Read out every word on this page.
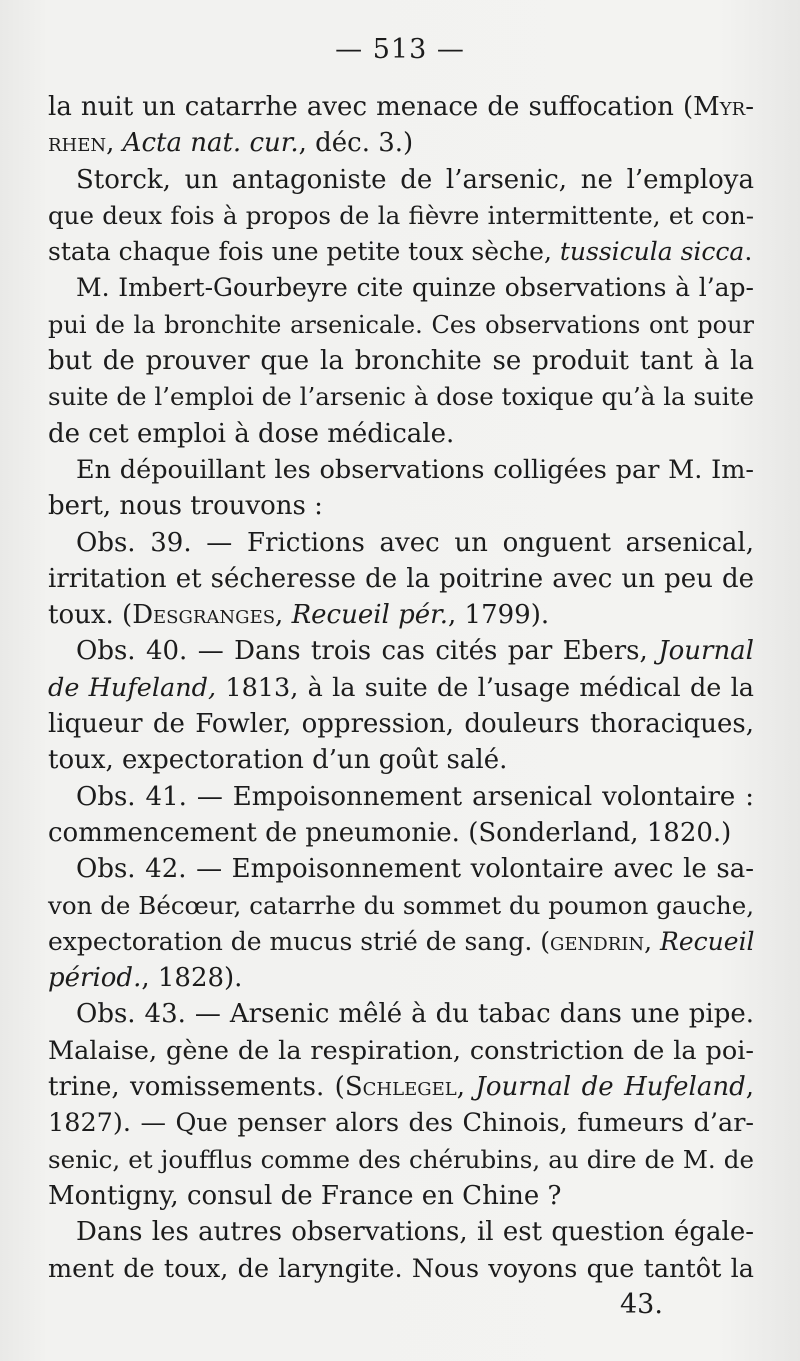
— 513 —
la nuit un catarrhe avec menace de suffocation (Myr-
rhen, Acta nat. cur., déc. 3.)
Storck, un antagoniste de l’arsenic, ne l’employa
que deux fois à propos de la fièvre intermittente, et con-
stata chaque fois une petite toux sèche, tussicula sicca.
M. Imbert-Gourbeyre cite quinze observations à l’ap-
pui de la bronchite arsenicale. Ces observations ont pour
but de prouver que la bronchite se produit tant à la
suite de l’emploi de l’arsenic à dose toxique qu’à la suite
de cet emploi à dose médicale.
En dépouillant les observations colligées par M. Im-
bert, nous trouvons :
Obs. 39. — Frictions avec un onguent arsenical,
irritation et sécheresse de la poitrine avec un peu de
toux. (Desgranges, Recueil pér., 1799).
Obs. 40. — Dans trois cas cités par Ebers, Journal
de Hufeland, 1813, à la suite de l’usage médical de la
liqueur de Fowler, oppression, douleurs thoraciques,
toux, expectoration d’un goût salé.
Obs. 41. — Empoisonnement arsenical volontaire :
commencement de pneumonie. (Sonderland, 1820.)
Obs. 42. — Empoisonnement volontaire avec le sa-
von de Bécœur, catarrhe du sommet du poumon gauche,
expectoration de mucus strié de sang. (gendrin, Recueil
périod., 1828).
Obs. 43. — Arsenic mêlé à du tabac dans une pipe.
Malaise, gène de la respiration, constriction de la poi-
trine, vomissements. (Schlegel, Journal de Hufeland,
1827). — Que penser alors des Chinois, fumeurs d’ar-
senic, et joufflus comme des chérubins, au dire de M. de
Montigny, consul de France en Chine ?
Dans les autres observations, il est question égale-
ment de toux, de laryngite. Nous voyons que tantôt la
43.
